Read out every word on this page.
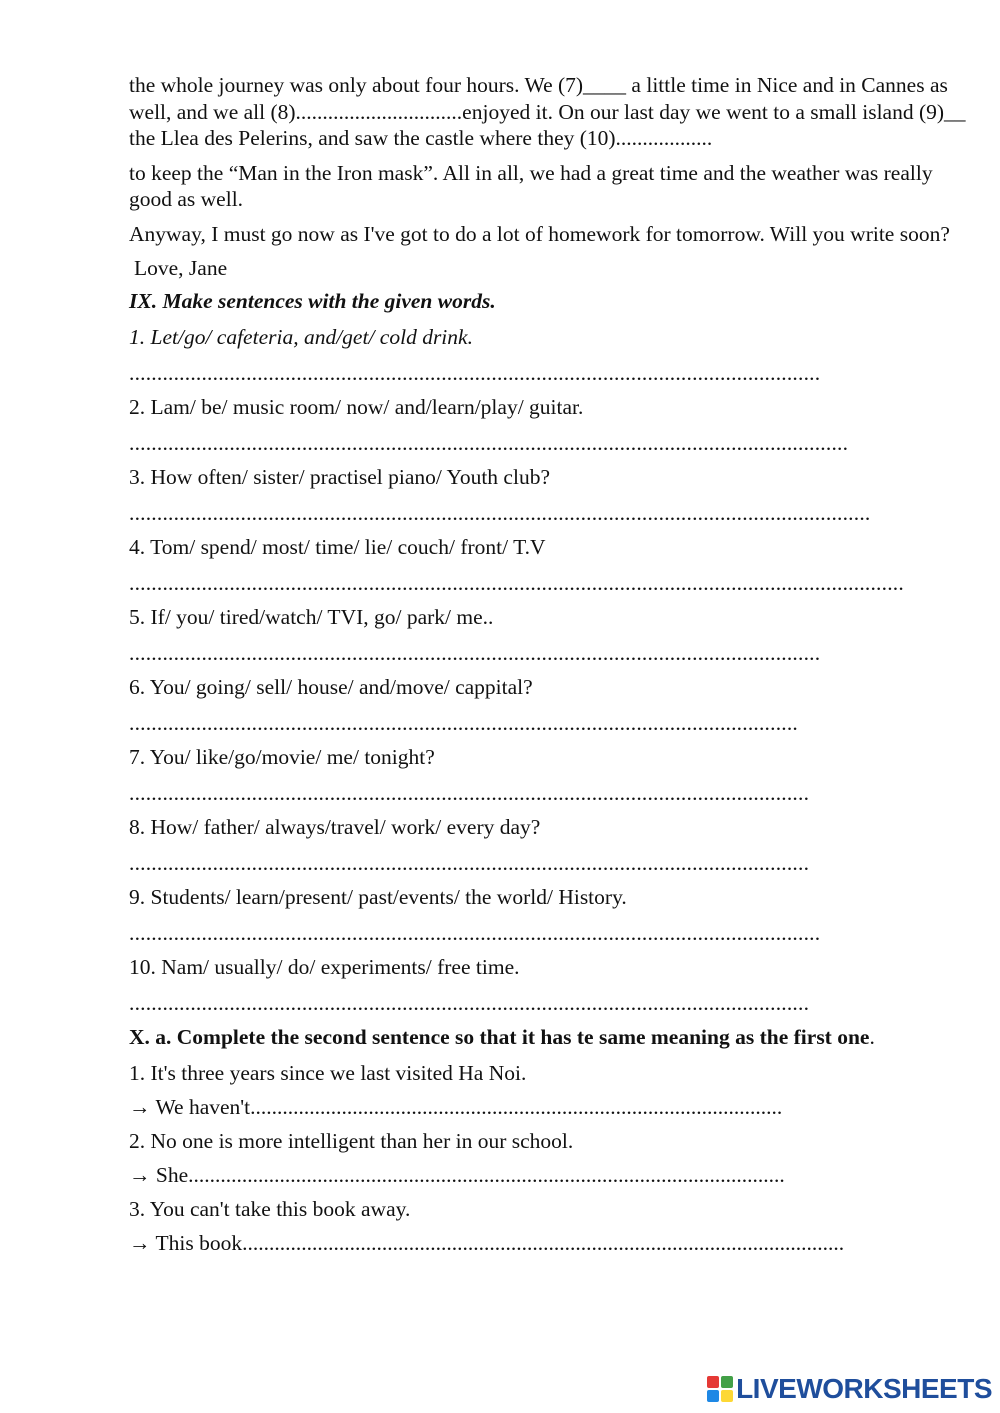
the whole journey was only about four hours. We (7)____ a little time in Nice and in Cannes as well, and we all (8)...............................enjoyed it. On our last day we went to a small island (9)__ the Llea des Pelerins, and saw the castle where they (10)..................

to keep the “Man in the Iron mask”. All in all, we had a great time and the weather was really good as well.

Anyway, I must go now as I've got to do a lot of homework for tomorrow. Will you write soon?

Love, Jane

IX. Make sentences with the given words.
1. Let/go/ cafeteria, and/get/ cold drink.
............................................................................................................................
2. Lam/ be/ music room/ now/ and/learn/play/ guitar.
.................................................................................................................................
3. How often/ sister/ practisel piano/ Youth club?
.....................................................................................................................................
4. Tom/ spend/ most/ time/ lie/ couch/ front/ T.V
...........................................................................................................................................
5. If/ you/ tired/watch/ TVI, go/ park/ me..
............................................................................................................................
6. You/ going/ sell/ house/ and/move/ cappital?
........................................................................................................................
7. You/ like/go/movie/ me/ tonight?
..........................................................................................................................
8. How/ father/ always/travel/ work/ every day?
..........................................................................................................................
9. Students/ learn/present/ past/events/ the world/ History.
............................................................................................................................
10. Nam/ usually/ do/ experiments/ free time.
..........................................................................................................................
X. a. Complete the second sentence so that it has te same meaning as the first one.
1. It's three years since we last visited Ha Noi.
→ We haven't...................................................................................................
2. No one is more intelligent than her in our school.
→ She...............................................................................................................
3. You can't take this book away.
→ This book................................................................................................................
LIVEWORKSHEETS
